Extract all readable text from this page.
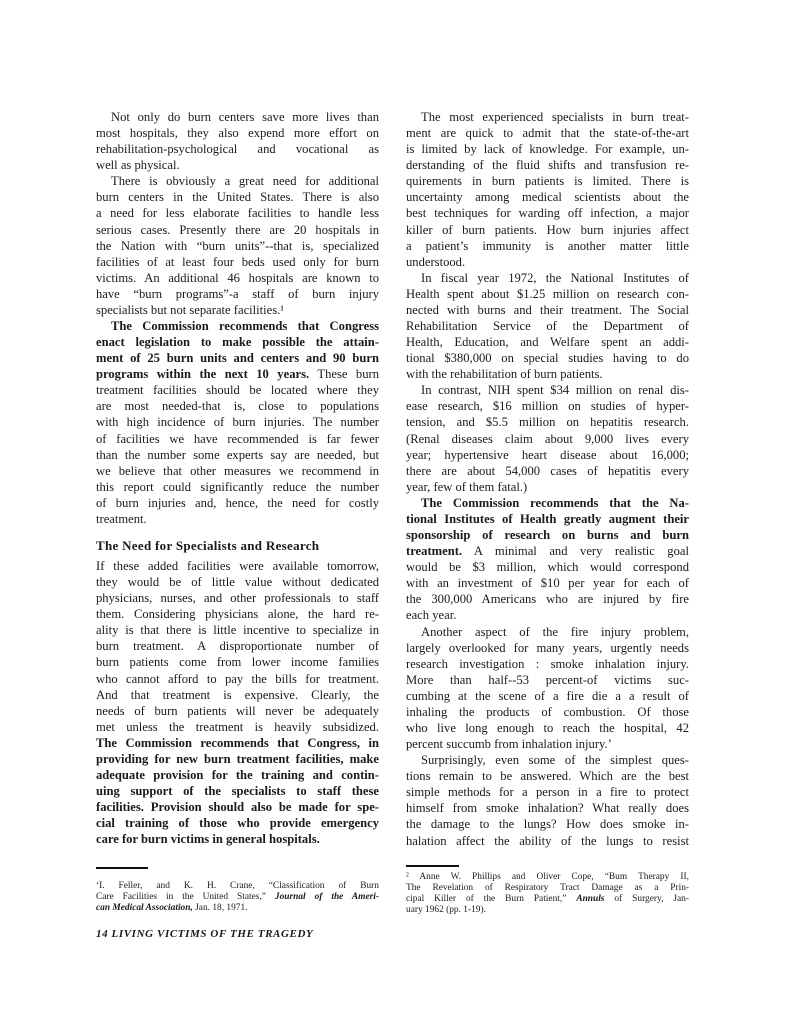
Not only do burn centers save more lives than
most hospitals, they also expend more effort on
rehabilitation-psychological and vocational as
well as physical.
There is obviously a great need for additional
burn centers in the United States. There is also
a need for less elaborate facilities to handle less
serious cases. Presently there are 20 hospitals in
the Nation with “burn units”--that is, specialized
facilities of at least four beds used only for burn
victims. An additional 46 hospitals are known to
have “burn programs”-a staff of burn injury
specialists but not separate facilities.¹
The Commission recommends that Congress
enact legislation to make possible the attain-
ment of 25 burn units and centers and 90 burn
programs within the next 10 years. These burn
treatment facilities should be located where they
are most needed-that is, close to populations
with high incidence of burn injuries. The number
of facilities we have recommended is far fewer
than the number some experts say are needed, but
we believe that other measures we recommend in
this report could significantly reduce the number
of burn injuries and, hence, the need for costly
treatment.
The Need for Specialists and Research
If these added facilities were available tomorrow,
they would be of little value without dedicated
physicians, nurses, and other professionals to staff
them. Considering physicians alone, the hard re-
ality is that there is little incentive to specialize in
burn treatment. A disproportionate number of
burn patients come from lower income families
who cannot afford to pay the bills for treatment.
And that treatment is expensive. Clearly, the
needs of burn patients will never be adequately
met unless the treatment is heavily subsidized.
The Commission recommends that Congress, in
providing for new burn treatment facilities, make
adequate provision for the training and contin-
uing support of the specialists to staff these
facilities. Provision should also be made for spe-
cial training of those who provide emergency
care for burn victims in general hospitals.
The most experienced specialists in burn treat-
ment are quick to admit that the state-of-the-art
is limited by lack of knowledge. For example, un-
derstanding of the fluid shifts and transfusion re-
quirements in burn patients is limited. There is
uncertainty among medical scientists about the
best techniques for warding off infection, a major
killer of burn patients. How burn injuries affect
a patient’s immunity is another matter little
understood.
In fiscal year 1972, the National Institutes of
Health spent about $1.25 million on research con-
nected with burns and their treatment. The Social
Rehabilitation Service of the Department of
Health, Education, and Welfare spent an addi-
tional $380,000 on special studies having to do
with the rehabilitation of burn patients.
In contrast, NIH spent $34 million on renal dis-
ease research, $16 million on studies of hyper-
tension, and $5.5 million on hepatitis research.
(Renal diseases claim about 9,000 lives every
year; hypertensive heart disease about 16,000;
there are about 54,000 cases of hepatitis every
year, few of them fatal.)
The Commission recommends that the Na-
tional Institutes of Health greatly augment their
sponsorship of research on burns and burn
treatment. A minimal and very realistic goal
would be $3 million, which would correspond
with an investment of $10 per year for each of
the 300,000 Americans who are injured by fire
each year.
Another aspect of the fire injury problem,
largely overlooked for many years, urgently needs
research investigation : smoke inhalation injury.
More than half--53 percent-of victims suc-
cumbing at the scene of a fire die a a result of
inhaling the products of combustion. Of those
who live long enough to reach the hospital, 42
percent succumb from inhalation injury.’
Surprisingly, even some of the simplest ques-
tions remain to be answered. Which are the best
simple methods for a person in a fire to protect
himself from smoke inhalation? What really does
the damage to the lungs? How does smoke in-
halation affect the ability of the lungs to resist
‘I. Feller, and K. H. Crane, “Classification of Burn
Care Facilities in the United States,” Journal of the Ameri-
can Medical Association, Jan. 18, 1971.
² Anne W. Phillips and Oliver Cope, “Bum Therapy II,
The Revelation of Respiratory Tract Damage as a Prin-
cipal Killer of the Burn Patient,” Annuls of Surgery, Jan-
uary 1962 (pp. 1-19).
14 LIVING VICTIMS OF THE TRAGEDY
